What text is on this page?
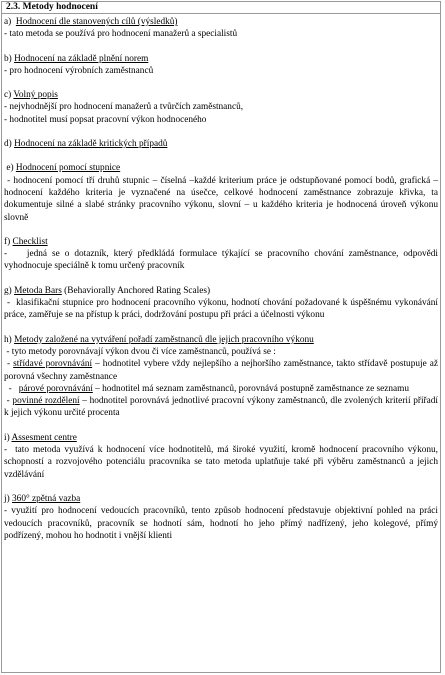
2.3. Metody hodnocení
a)  Hodnocení dle stanovených cílů (výsledků)
- tato metoda se používá pro hodnocení manažerů a specialistů
b) Hodnocení na základě plnění norem
- pro hodnocení výrobních zaměstnanců
c) Volný popis
- nejvhodnější pro hodnocení manažerů a tvůrčích zaměstnanců,
- hodnotitel musí popsat pracovní výkon hodnoceného
d) Hodnocení na základě kritických případů
e) Hodnocení pomocí stupnice
- hodnocení pomocí tří druhů stupnic – číselná –každé kriterium práce je odstupňované pomocí bodů, grafická – hodnocení každého kriteria je vyznačené na úsečce, celkové hodnocení zaměstnance zobrazuje křivka, ta dokumentuje silné a slabé stránky pracovního výkonu, slovní – u každého kriteria je hodnocená úroveň výkonu slovně
f) Checklist
-    jedná se o dotazník, který předkládá formulace týkající se pracovního chování zaměstnance, odpovědi vyhodnocuje speciálně k tomu určený pracovník
g) Metoda Bars (Behaviorally Anchored Rating Scales)
-  klasifikační stupnice pro hodnocení pracovního výkonu, hodnotí chování požadované k úspěšnému vykonávání práce, zaměřuje se na přístup k práci, dodržování postupu při práci a účelnosti výkonu
h) Metody založené na vytváření pořadí zaměstnanců dle jejich pracovního výkonu
- tyto metody porovnávají výkon dvou či více zaměstnanců, používá se :
- střídavé porovnávání – hodnotitel vybere vždy nejlepšího a nejhoršího zaměstnance, takto střídavě postupuje až porovná všechny zaměstnance
-   párové porovnávání – hodnotitel má seznam zaměstnanců, porovnává postupně zaměstnance ze seznamu
- povinné rozdělení – hodnotitel porovnává jednotlivé pracovní výkony zaměstnanců, dle zvolených kriterií přiřadí k jejich výkonu určité procenta
i) Assesment centre
-  tato metoda využívá k hodnocení více hodnotitelů, má široké využití, kromě hodnocení pracovního výkonu, schopností a rozvojového potenciálu pracovníka se tato metoda uplatňuje také při výběru zaměstnanců a jejich vzdělávání
j) 360° zpětná vazba
- využití pro hodnocení vedoucích pracovníků, tento způsob hodnocení představuje objektivní pohled na práci vedoucích pracovníků, pracovník se hodnotí sám, hodnotí ho jeho přímý nadřízený, jeho kolegové, přímý podřízený, mohou ho hodnotit i vnější klienti
